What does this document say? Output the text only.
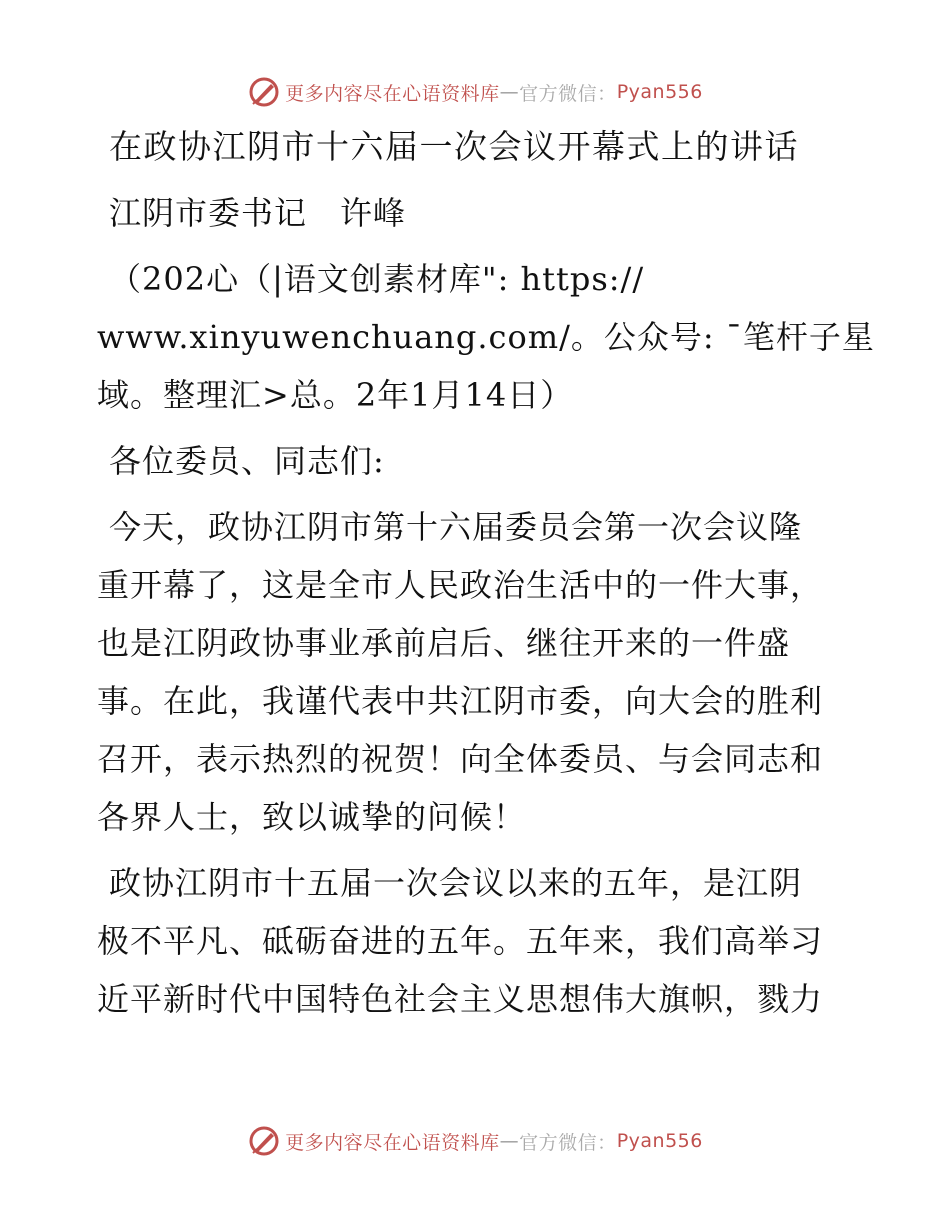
更多内容尽在心语资料库 — 官方微信： Pyan556
在政协江阴市十六届一次会议开幕式上的讲话
江阴市委书记　许峰
（202心（|语文创素材库": https://
www.xinyuwenchuang.com/。公众号: ¯笔杆子星
域。整理汇>总。2年1月14日）
各位委员、同志们:
今天，政协江阴市第十六届委员会第一次会议隆
重开幕了，这是全市人民政治生活中的一件大事，
也是江阴政协事业承前启后、继往开来的一件盛
事。在此，我谨代表中共江阴市委，向大会的胜利
召开，表示热烈的祝贺！向全体委员、与会同志和
各界人士，致以诚挚的问候！
政协江阴市十五届一次会议以来的五年，是江阴
极不平凡、砥砺奋进的五年。五年来，我们高举习
近平新时代中国特色社会主义思想伟大旗帜，戮力
更多内容尽在心语资料库 — 官方微信： Pyan556
